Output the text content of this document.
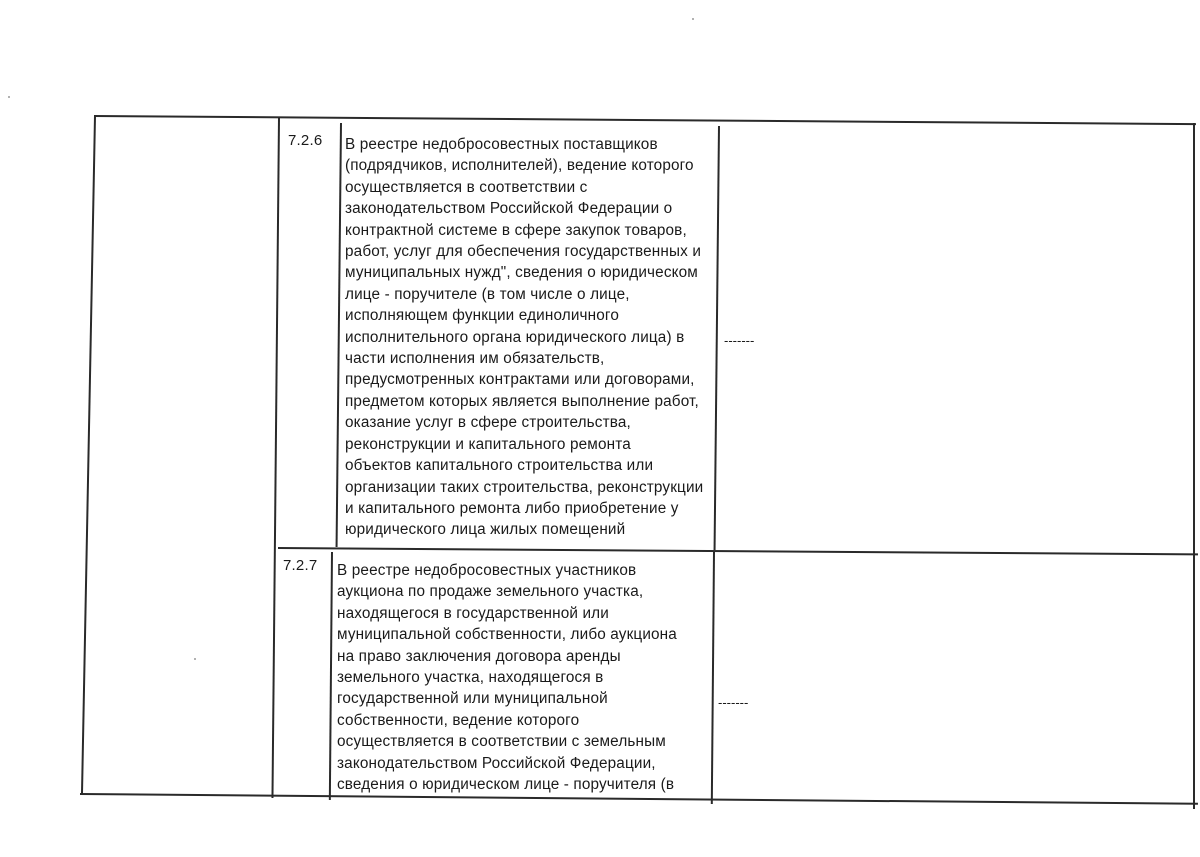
7.2.6 В реестре недобросовестных поставщиков
(подрядчиков, исполнителей), ведение которого
осуществляется в соответствии с
законодательством Российской Федерации о
контрактной системе в сфере закупок товаров,
работ, услуг для обеспечения государственных и
муниципальных нужд", сведения о юридическом
лице - поручителе (в том числе о лице,
исполняющем функции единоличного
исполнительного органа юридического лица) в
части исполнения им обязательств,
предусмотренных контрактами или договорами,
предметом которых является выполнение работ,
оказание услуг в сфере строительства,
реконструкции и капитального ремонта
объектов капитального строительства или
организации таких строительства, реконструкции
и капитального ремонта либо приобретение у
юридического лица жилых помещений
-------
7.2.7 В реестре недобросовестных участников
аукциона по продаже земельного участка,
находящегося в государственной или
муниципальной собственности, либо аукциона
на право заключения договора аренды
земельного участка, находящегося в
государственной или муниципальной
собственности, ведение которого
осуществляется в соответствии с земельным
законодательством Российской Федерации,
сведения о юридическом лице - поручителя (в
-------
